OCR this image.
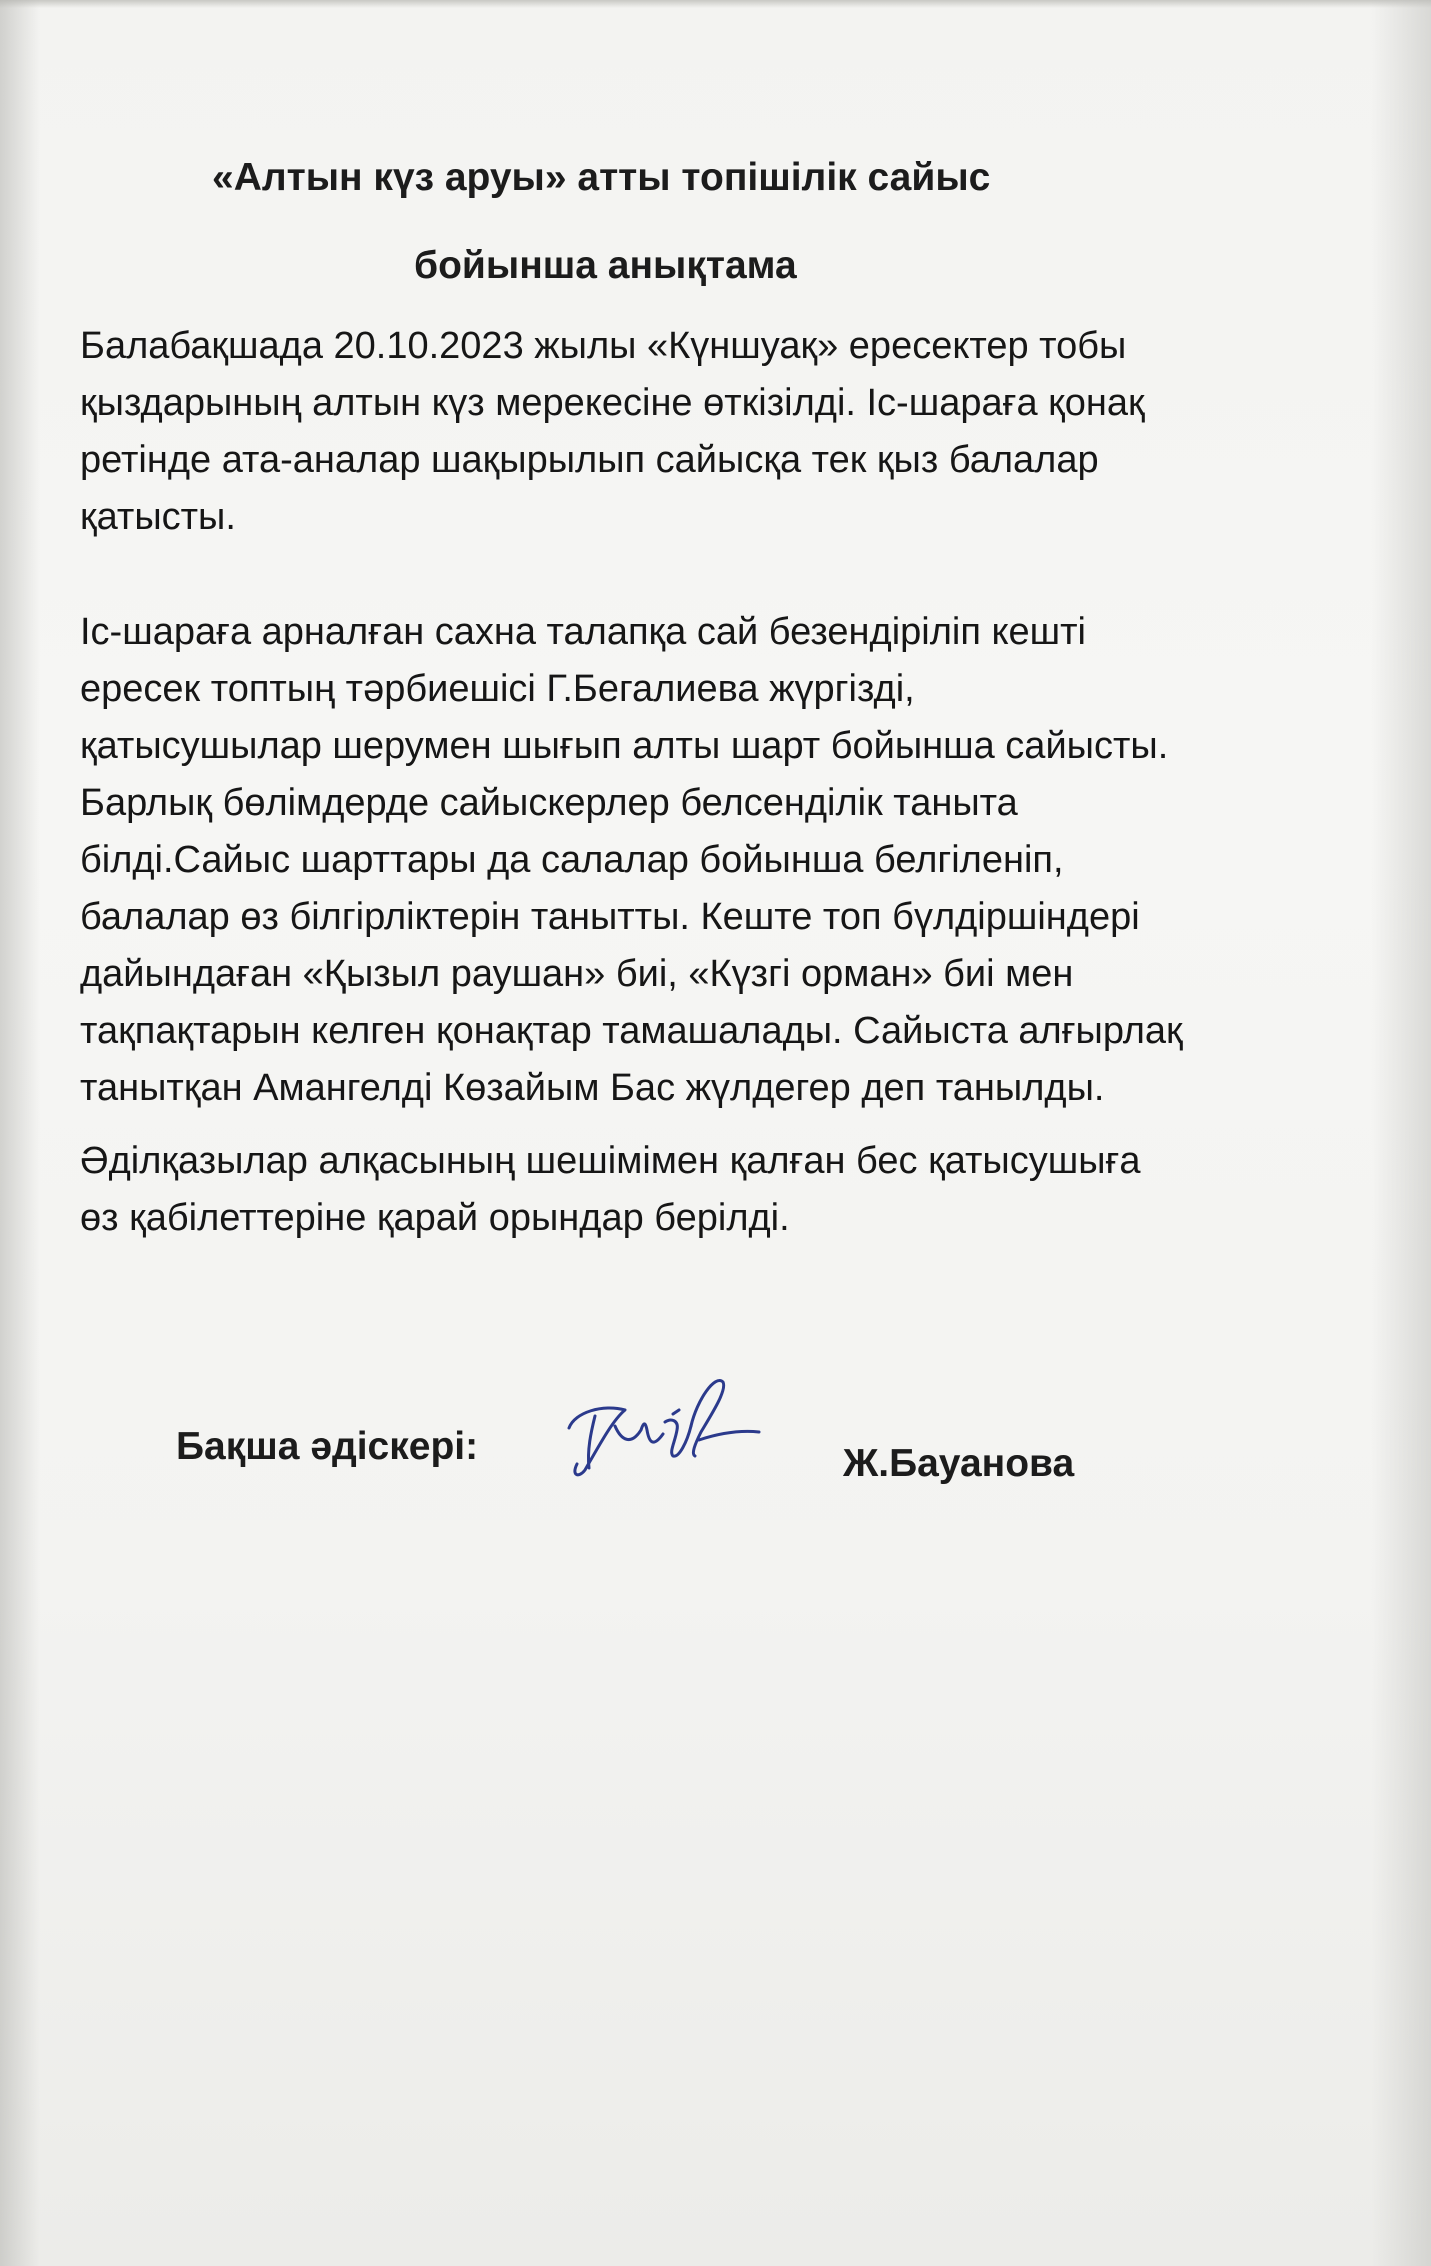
«Алтын күз аруы» атты топішілік сайыс
бойынша анықтама
Балабақшада 20.10.2023 жылы «Күншуақ» ересектер тобы
қыздарының алтын күз мерекесіне өткізілді. Іс-шараға қонақ
ретінде ата-аналар шақырылып сайысқа тек қыз балалар
қатысты.
Іс-шараға арналған сахна талапқа сай безендіріліп кешті
ересек топтың тәрбиешісі Г.Бегалиева жүргізді,
қатысушылар шерумен шығып алты шарт бойынша сайысты.
Барлық бөлімдерде сайыскерлер белсенділік таныта
білді.Сайыс шарттары да салалар бойынша белгіленіп,
балалар өз білгірліктерін танытты. Кеште топ бүлдіршіндері
дайындаған «Қызыл раушан» биі, «Күзгі орман» биі мен
тақпақтарын келген қонақтар тамашалады. Сайыста алғырлақ
танытқан Амангелді Көзайым Бас жүлдегер деп танылды.
Әділқазылар алқасының шешімімен қалған бес қатысушыға
өз қабілеттеріне қарай орындар берілді.
Бақша әдіскері:	Ж.Бауанова
